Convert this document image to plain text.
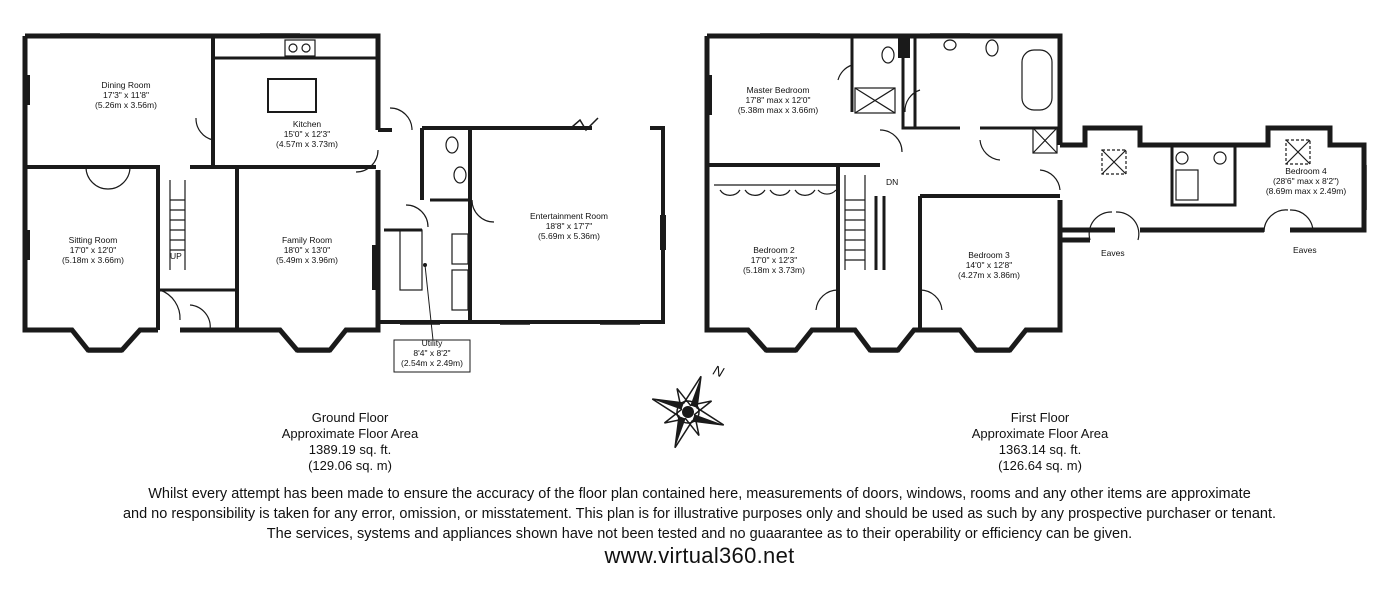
N
Dining Room
17'3" x 11'8"
(5.26m x 3.56m)
Kitchen
15'0" x 12'3"
(4.57m x 3.73m)
Sitting Room
17'0" x 12'0"
(5.18m x 3.66m)
Family Room
18'0" x 13'0"
(5.49m x 3.96m)
Entertainment Room
18'8" x 17'7"
(5.69m x 5.36m)
Utility
8'4" x 8'2"
(2.54m x 2.49m)
Master Bedroom
17'8" max x 12'0"
(5.38m max x 3.66m)
Bedroom 2
17'0" x 12'3"
(5.18m x 3.73m)
Bedroom 3
14'0" x 12'8"
(4.27m x 3.86m)
Bedroom 4
(28'6" max x 8'2")
(8.69m max x 2.49m)
UP
DN
Eaves	Eaves
Ground Floor
Approximate Floor Area
1389.19 sq. ft.
(129.06 sq. m)
First Floor
Approximate Floor Area
1363.14 sq. ft.
(126.64 sq. m)
Whilst every attempt has been made to ensure the accuracy of the floor plan contained here, measurements of doors, windows, rooms and any other items are approximate
and no responsibility is taken for any error, omission, or misstatement. This plan is for illustrative purposes only and should be used as such by any prospective purchaser or tenant.
The services, systems and appliances shown have not been tested and no guaarantee as to their operability or efficiency can be given.
www.virtual360.net
